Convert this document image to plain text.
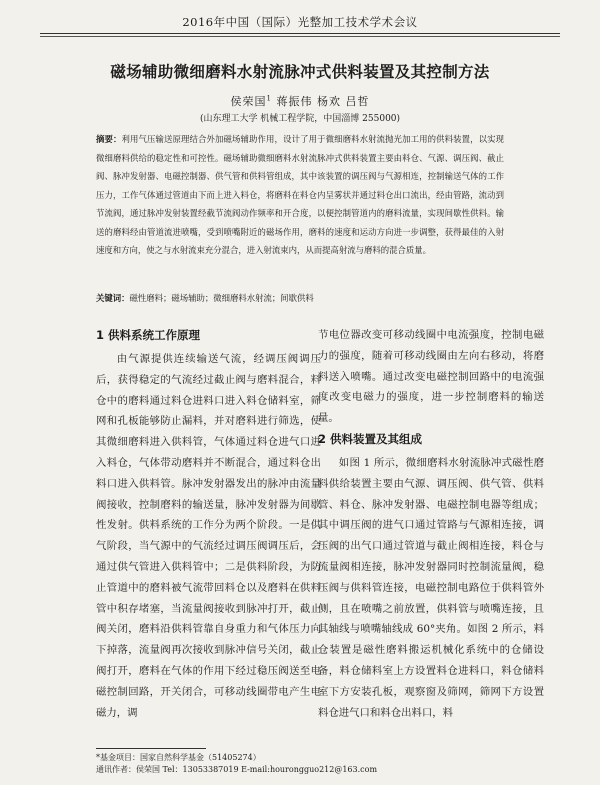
2016年中国（国际）光整加工技术学术会议
磁场辅助微细磨料水射流脉冲式供料装置及其控制方法
侯荣国$^1$ 蒋振伟 杨欢 吕哲
(山东理工大学 机械工程学院，中国淄博 255000)
摘要：利用气压输送原理结合外加磁场辅助作用，设计了用于微细磨料水射流抛光加工用的供料装置，以实现微细磨料供给的稳定性和可控性。磁场辅助微细磨料水射流脉冲式供料装置主要由料仓、气源、调压阀、截止阀、脉冲发射器、电磁控制器、供气管和供料管组成，其中该装置的调压阀与气源相连，控制输送气体的工作压力，工作气体通过管道由下而上进入料仓，将磨料在料仓内呈雾状并通过料仓出口流出，经由管路，流动到节流阀，通过脉冲发射装置经截节流阀动作频率和开合度，以便控制管道内的磨料流量，实现间歇性供料。输送的磨料经由管道流进喷嘴，受到喷嘴附近的磁场作用，磨料的速度和运动方向进一步调整，获得最佳的入射速度和方向，使之与水射流束充分混合，进入射流束内，从而提高射流与磨料的混合质量。
关键词：磁性磨料；磁场辅助；微细磨料水射流；间歇供料
1 供料系统工作原理

由气源提供连续输送气流，经调压阀调压后，获得稳定的气流经过截止阀与磨料混合，料仓中的磨料通过料仓进料口进入料仓储料室，筛网和孔板能够防止漏料，并对磨料进行筛选，使其微细磨料进入供料管，气体通过料仓进气口进入料仓，气体带动磨料并不断混合，通过料仓出料口进入供料管。脉冲发射器发出的脉冲由流量阀接收，控制磨料的输送量，脉冲发射器为间歇性发射。供料系统的工作分为两个阶段。一是供气阶段，当气源中的气流经过调压阀调压后，会通过供气管进入供料管中；二是供料阶段，为防止管道中的磨料被气流带回料仓以及磨料在供料管中积存堵塞，当流量阀接收到脉冲打开，截止阀关闭，磨料沿供料管靠自身重力和气体压力向下掉落，流量阀再次接收到脉冲信号关闭，截止阀打开，磨料在气体的作用下经过稳压阀送至电磁控制回路，开关闭合，可移动线圈带电产生电磁力，调

节电位器改变可移动线圈中电流强度，控制电磁力的强度，随着可移动线圈由左向右移动，将磨料送入喷嘴。通过改变电磁控制回路中的电流强度改变电磁力的强度，进一步控制磨料的输送量。

2 供料装置及其组成

如图 1 所示，微细磨料水射流脉冲式磁性磨料供给装置主要由气源、调压阀、供气管、供料管、料仓、脉冲发射器、电磁控制电器等组成；其中调压阀的进气口通过管路与气源相连接，调压阀的出气口通过管道与截止阀相连接，料仓与流量阀相连接，脉冲发射器同时控制流量阀，稳压阀与供料管连接，电磁控制电路位于供料管外侧，且在喷嘴之前放置，供料管与喷嘴连接，且其轴线与喷嘴轴线成 60°夹角。如图 2 所示，料仓装置是磁性磨料搬运机械化系统中的仓储设备，料仓储料室上方设置料仓进料口，料仓储料室下方安装孔板，观察窗及筛网，筛网下方设置料仓进气口和料仓出料口，料

*基金项目：国家自然科学基金（51405274）
通讯作者：侯荣国 Tel：13053387019 E-mail:hourongguo212@163.com
